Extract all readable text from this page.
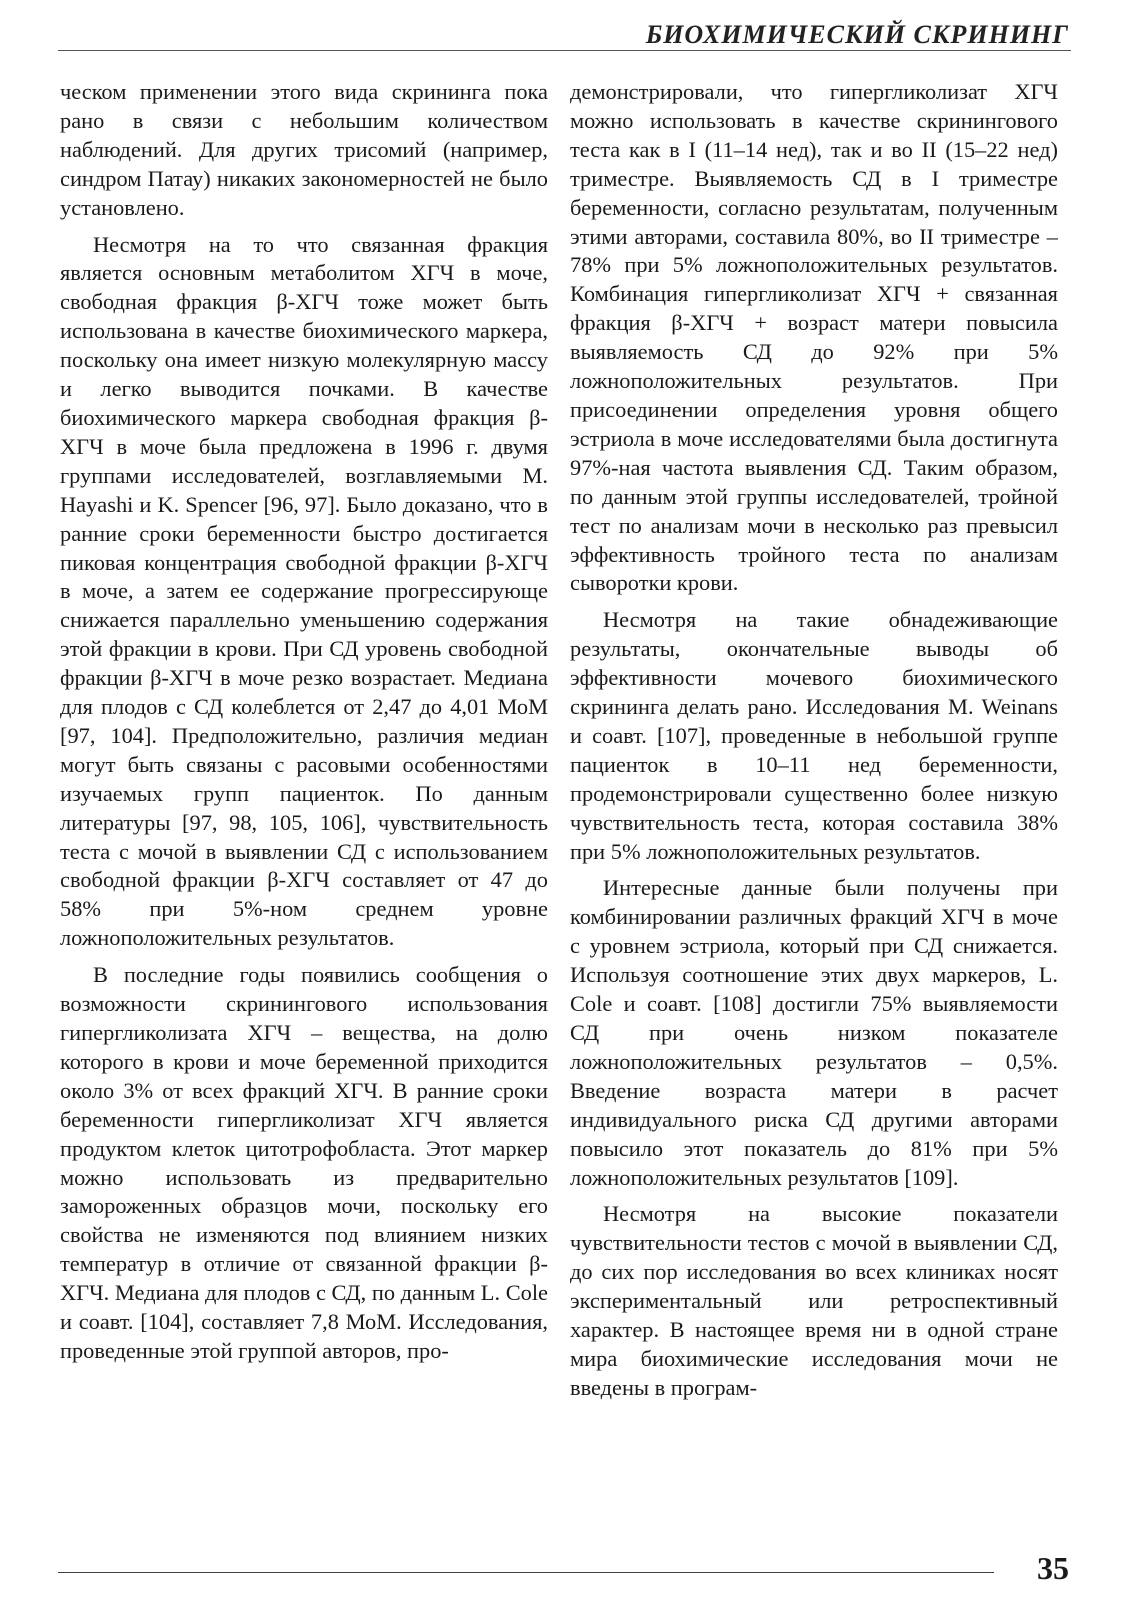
БИОХИМИЧЕСКИЙ СКРИНИНГ

ческом применении этого вида скрининга пока рано в связи с небольшим количеством наблюдений. Для других трисомий (например, синдром Патау) никаких закономерностей не было установлено.

Несмотря на то что связанная фракция является основным метаболитом ХГЧ в моче, свободная фракция β-ХГЧ тоже может быть использована в качестве биохимического маркера, поскольку она имеет низкую молекулярную массу и легко выводится почками. В качестве биохимического маркера свободная фракция β-ХГЧ в моче была предложена в 1996 г. двумя группами исследователей, возглавляемыми M. Hayashi и K. Spencer [96, 97]. Было доказано, что в ранние сроки беременности быстро достигается пиковая концентрация свободной фракции β-ХГЧ в моче, а затем ее содержание прогрессирующе снижается параллельно уменьшению содержания этой фракции в крови. При СД уровень свободной фракции β-ХГЧ в моче резко возрастает. Медиана для плодов с СД колеблется от 2,47 до 4,01 МоМ [97, 104]. Предположительно, различия медиан могут быть связаны с расовыми особенностями изучаемых групп пациенток. По данным литературы [97, 98, 105, 106], чувствительность теста с мочой в выявлении СД с использованием свободной фракции β-ХГЧ составляет от 47 до 58% при 5%-ном среднем уровне ложноположительных результатов.

В последние годы появились сообщения о возможности скринингового использования гипергликолизата ХГЧ – вещества, на долю которого в крови и моче беременной приходится около 3% от всех фракций ХГЧ. В ранние сроки беременности гипергликолизат ХГЧ является продуктом клеток цитотрофобласта. Этот маркер можно использовать из предварительно замороженных образцов мочи, поскольку его свойства не изменяются под влиянием низких температур в отличие от связанной фракции β-ХГЧ. Медиана для плодов с СД, по данным L. Cole и соавт. [104], составляет 7,8 МоМ. Исследования, проведенные этой группой авторов, про-

демонстрировали, что гипергликолизат ХГЧ можно использовать в качестве скринингового теста как в I (11–14 нед), так и во II (15–22 нед) триместре. Выявляемость СД в I триместре беременности, согласно результатам, полученным этими авторами, составила 80%, во II триместре – 78% при 5% ложноположительных результатов. Комбинация гипергликолизат ХГЧ + связанная фракция β-ХГЧ + возраст матери повысила выявляемость СД до 92% при 5% ложноположительных результатов. При присоединении определения уровня общего эстриола в моче исследователями была достигнута 97%-ная частота выявления СД. Таким образом, по данным этой группы исследователей, тройной тест по анализам мочи в несколько раз превысил эффективность тройного теста по анализам сыворотки крови.

Несмотря на такие обнадеживающие результаты, окончательные выводы об эффективности мочевого биохимического скрининга делать рано. Исследования M. Weinans и соавт. [107], проведенные в небольшой группе пациенток в 10–11 нед беременности, продемонстрировали существенно более низкую чувствительность теста, которая составила 38% при 5% ложноположительных результатов.

Интересные данные были получены при комбинировании различных фракций ХГЧ в моче с уровнем эстриола, который при СД снижается. Используя соотношение этих двух маркеров, L. Cole и соавт. [108] достигли 75% выявляемости СД при очень низком показателе ложноположительных результатов – 0,5%. Введение возраста матери в расчет индивидуального риска СД другими авторами повысило этот показатель до 81% при 5% ложноположительных результатов [109].

Несмотря на высокие показатели чувствительности тестов с мочой в выявлении СД, до сих пор исследования во всех клиниках носят экспериментальный или ретроспективный характер. В настоящее время ни в одной стране мира биохимические исследования мочи не введены в програм-

35
